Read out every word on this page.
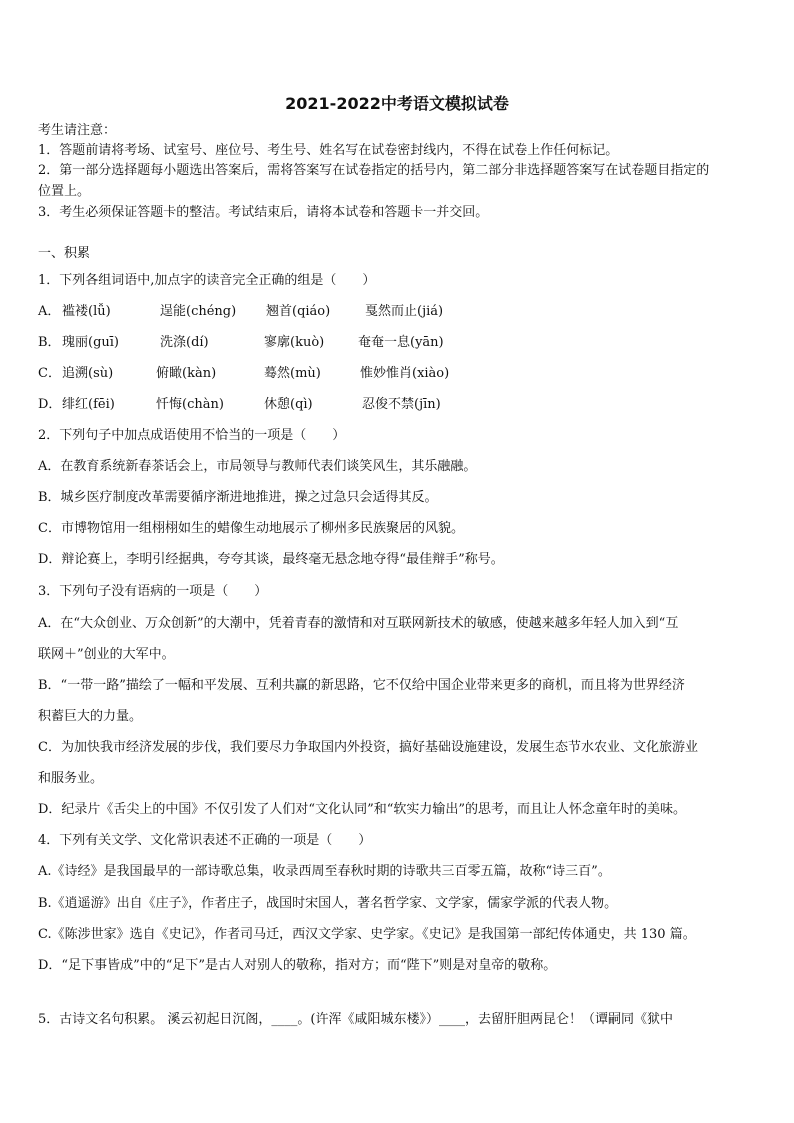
2021-2022中考语文模拟试卷
考生请注意：
1．答题前请将考场、试室号、座位号、考生号、姓名写在试卷密封线内，不得在试卷上作任何标记。
2．第一部分选择题每小题选出答案后，需将答案写在试卷指定的括号内，第二部分非选择题答案写在试卷题目指定的
位置上。
3．考生必须保证答题卡的整洁。考试结束后，请将本试卷和答题卡一并交回。
一、积累
1．下列各组词语中,加点字的读音完全正确的组是（　　）
A． 褴褛(lǚ)	逞能(chéng) 翘首(qiáo)	戛然而止(jiá)
B． 瑰丽(guī)	洗涤(dí)	寥廓(kuò)	奄奄一息(yān)
C． 追溯(sù)	俯瞰(kàn)	蓦然(mù)	惟妙惟肖(xiào)
D． 绯红(fēi)	忏悔(chàn)	休憩(qì)	忍俊不禁(jīn)
2．下列句子中加点成语使用不恰当的一项是（　　）
A．在教育系统新春茶话会上，市局领导与教师代表们谈笑风生，其乐融融。
B．城乡医疗制度改革需要循序渐进地推进，操之过急只会适得其反。
C．市博物馆用一组栩栩如生的蜡像生动地展示了柳州多民族聚居的风貌。
D．辩论赛上，李明引经据典，夸夸其谈，最终毫无悬念地夺得“最佳辩手”称号。
3．下列句子没有语病的一项是（　　）
A．在“大众创业、万众创新”的大潮中，凭着青春的激情和对互联网新技术的敏感，使越来越多年轻人加入到“互
联网＋”创业的大军中。
B．“一带一路”描绘了一幅和平发展、互利共赢的新思路，它不仅给中国企业带来更多的商机，而且将为世界经济
积蓄巨大的力量。
C．为加快我市经济发展的步伐，我们要尽力争取国内外投资，搞好基础设施建设，发展生态节水农业、文化旅游业
和服务业。
D．纪录片《舌尖上的中国》不仅引发了人们对“文化认同”和“软实力输出”的思考，而且让人怀念童年时的美味。
4．下列有关文学、文化常识表述不正确的一项是（　　）
A.《诗经》是我国最早的一部诗歌总集，收录西周至春秋时期的诗歌共三百零五篇，故称“诗三百”。
B.《逍遥游》出自《庄子》，作者庄子，战国时宋国人，著名哲学家、文学家，儒家学派的代表人物。
C.《陈涉世家》选自《史记》，作者司马迁，西汉文学家、史学家。《史记》是我国第一部纪传体通史，共 130 篇。
D．“足下事皆成”中的“足下”是古人对别人的敬称，指对方；而“陛下”则是对皇帝的敬称。
5．古诗文名句积累。 溪云初起日沉阁，____。(许浑《咸阳城东楼》）____，去留肝胆两昆仑！（谭嗣同《狱中
